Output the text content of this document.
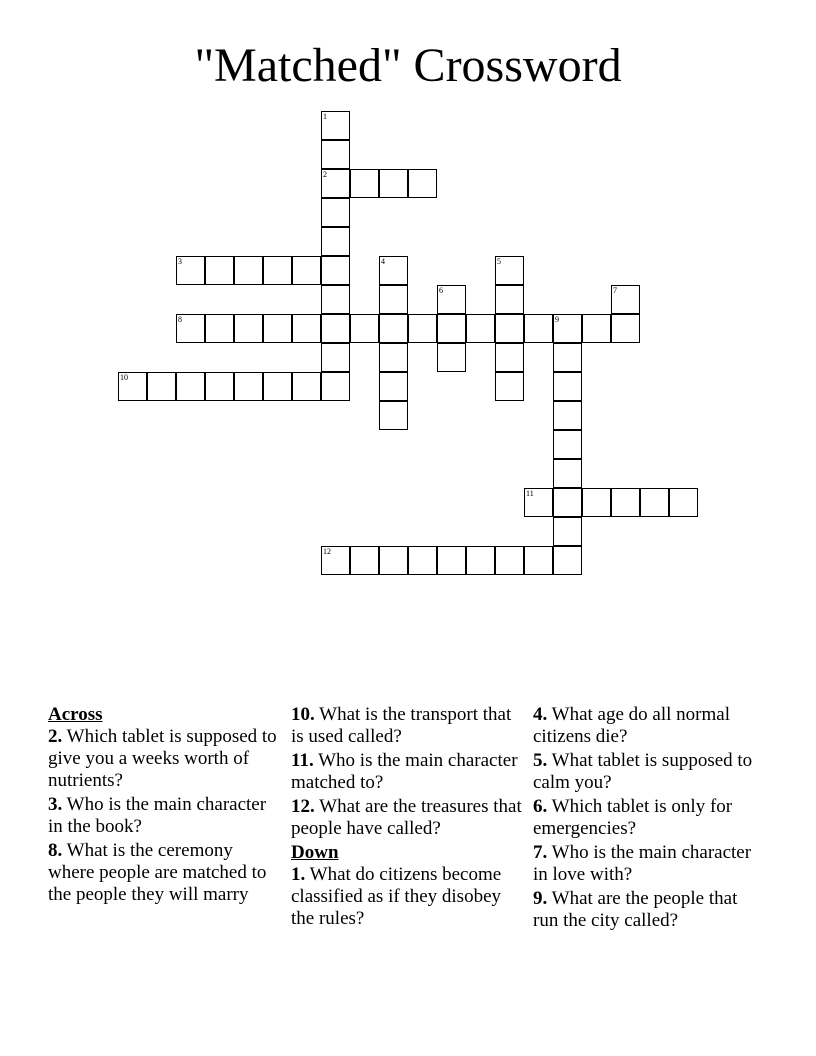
"Matched" Crossword
1
2
3	4	5
6	7
8	9
10
11
12
Across
2. Which tablet is supposed to give you a weeks worth of nutrients?
3. Who is the main character in the book?
8. What is the ceremony where people are matched to the people they will marry
10. What is the transport that is used called?
11. Who is the main character matched to?
12. What are the treasures that people have called?
Down
1. What do citizens become classified as if they disobey the rules?
4. What age do all normal citizens die?
5. What tablet is supposed to calm you?
6. Which tablet is only for emergencies?
7. Who is the main character in love with?
9. What are the people that run the city called?
